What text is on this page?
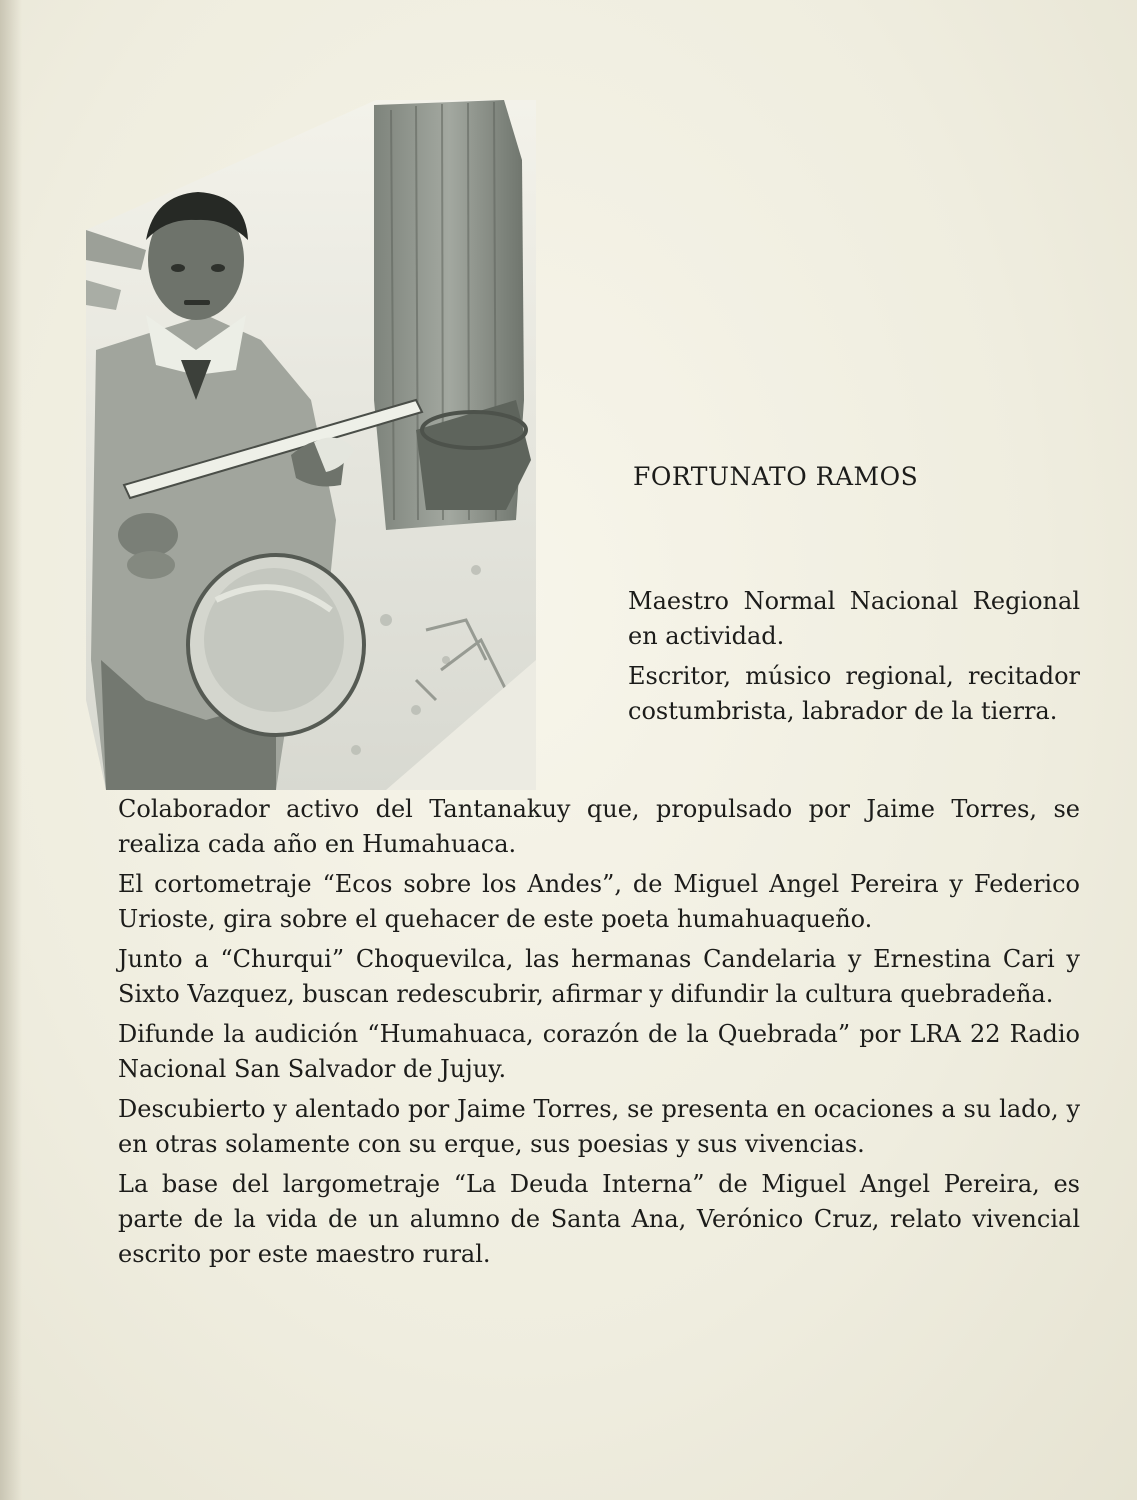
FORTUNATO RAMOS

Maestro Normal Nacional Regional en actividad.

Escritor, músico regional, recitador costumbrista, labrador de la tierra.

Colaborador activo del Tantanakuy que, propulsado por Jaime Torres, se realiza cada año en Humahuaca.

El cortometraje “Ecos sobre los Andes”, de Miguel Angel Pereira y Federico Urioste, gira sobre el quehacer de este poeta humahuaqueño.

Junto a “Churqui” Choquevilca, las hermanas Candelaria y Ernestina Cari y Sixto Vazquez, buscan redescubrir, afirmar y difundir la cultura quebradeña.

Difunde la audición “Humahuaca, corazón de la Quebrada” por LRA 22 Radio Nacional San Salvador de Jujuy.

Descubierto y alentado por Jaime Torres, se presenta en ocaciones a su lado, y en otras solamente con su erque, sus poesias y sus vivencias.

La base del largometraje “La Deuda Interna” de Miguel Angel Pereira, es parte de la vida de un alumno de Santa Ana, Verónico Cruz, relato vivencial escrito por este maestro rural.
